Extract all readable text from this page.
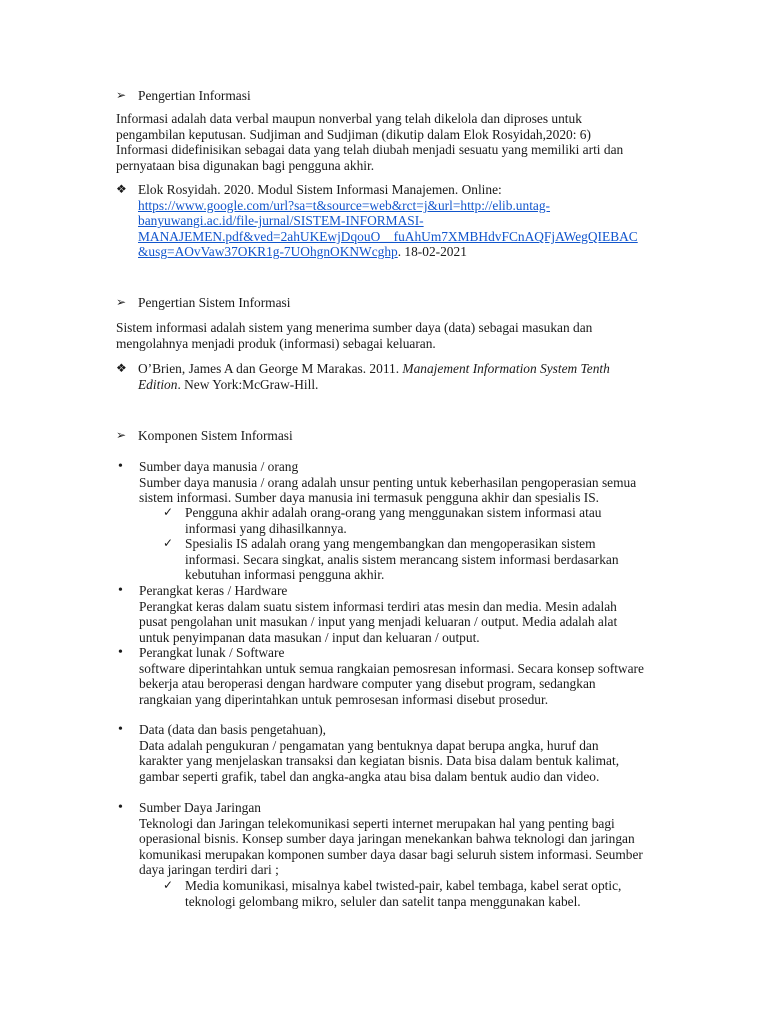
➢ Pengertian Informasi
Informasi adalah data verbal maupun nonverbal yang telah dikelola dan diproses untuk
pengambilan keputusan. Sudjiman and Sudjiman (dikutip dalam Elok Rosyidah,2020: 6)
Informasi didefinisikan sebagai data yang telah diubah menjadi sesuatu yang memiliki arti dan
pernyataan bisa digunakan bagi pengguna akhir.
❖ Elok Rosyidah. 2020. Modul Sistem Informasi Manajemen. Online:
https://www.google.com/url?sa=t&source=web&rct=j&url=http://elib.untag-
banyuwangi.ac.id/file-jurnal/SISTEM-INFORMASI-
MANAJEMEN.pdf&ved=2ahUKEwjDqouO__fuAhUm7XMBHdvFCnAQFjAWegQIEBAC
&usg=AOvVaw37OKR1g-7UOhgnOKNWcghp. 18-02-2021
➢ Pengertian Sistem Informasi
Sistem informasi adalah sistem yang menerima sumber daya (data) sebagai masukan dan
mengolahnya menjadi produk (informasi) sebagai keluaran.
❖ O’Brien, James A dan George M Marakas. 2011. Manajement Information System Tenth
Edition. New York:McGraw-Hill.
➢ Komponen Sistem Informasi
• Sumber daya manusia / orang
Sumber daya manusia / orang adalah unsur penting untuk keberhasilan pengoperasian semua
sistem informasi. Sumber daya manusia ini termasuk pengguna akhir dan spesialis IS.
✓ Pengguna akhir adalah orang-orang yang menggunakan sistem informasi atau
informasi yang dihasilkannya.
✓ Spesialis IS adalah orang yang mengembangkan dan mengoperasikan sistem
informasi. Secara singkat, analis sistem merancang sistem informasi berdasarkan
kebutuhan informasi pengguna akhir.
• Perangkat keras / Hardware
Perangkat keras dalam suatu sistem informasi terdiri atas mesin dan media. Mesin adalah
pusat pengolahan unit masukan / input yang menjadi keluaran / output. Media adalah alat
untuk penyimpanan data masukan / input dan keluaran / output.
• Perangkat lunak / Software
software diperintahkan untuk semua rangkaian pemosresan informasi. Secara konsep software
bekerja atau beroperasi dengan hardware computer yang disebut program, sedangkan
rangkaian yang diperintahkan untuk pemrosesan informasi disebut prosedur.
• Data (data dan basis pengetahuan),
Data adalah pengukuran / pengamatan yang bentuknya dapat berupa angka, huruf dan
karakter yang menjelaskan transaksi dan kegiatan bisnis. Data bisa dalam bentuk kalimat,
gambar seperti grafik, tabel dan angka-angka atau bisa dalam bentuk audio dan video.
• Sumber Daya Jaringan
Teknologi dan Jaringan telekomunikasi seperti internet merupakan hal yang penting bagi
operasional bisnis. Konsep sumber daya jaringan menekankan bahwa teknologi dan jaringan
komunikasi merupakan komponen sumber daya dasar bagi seluruh sistem informasi. Seumber
daya jaringan terdiri dari ;
✓ Media komunikasi, misalnya kabel twisted-pair, kabel tembaga, kabel serat optic,
teknologi gelombang mikro, seluler dan satelit tanpa menggunakan kabel.
